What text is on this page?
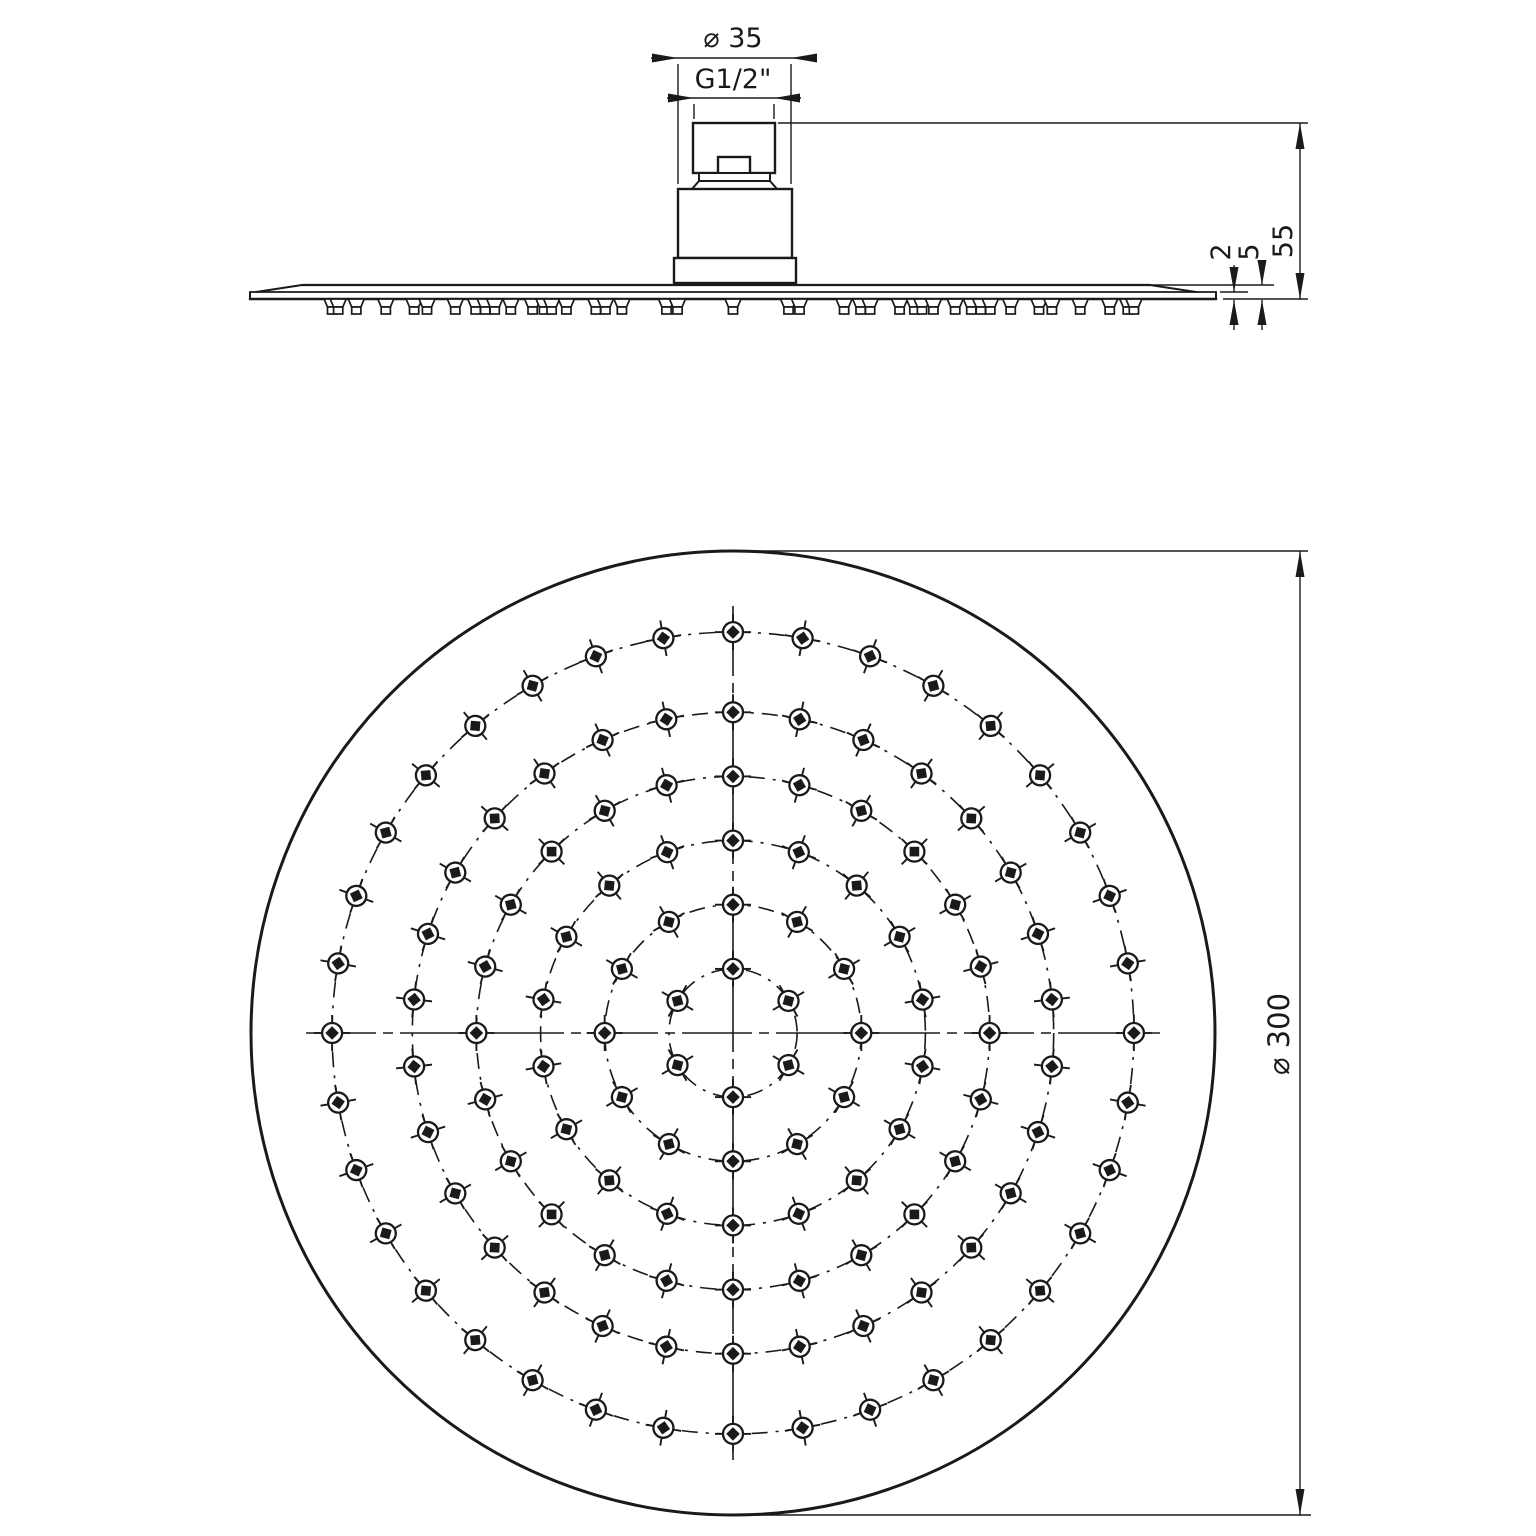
⌀ 35
G1/2"
2
5 55
⌀ 300
